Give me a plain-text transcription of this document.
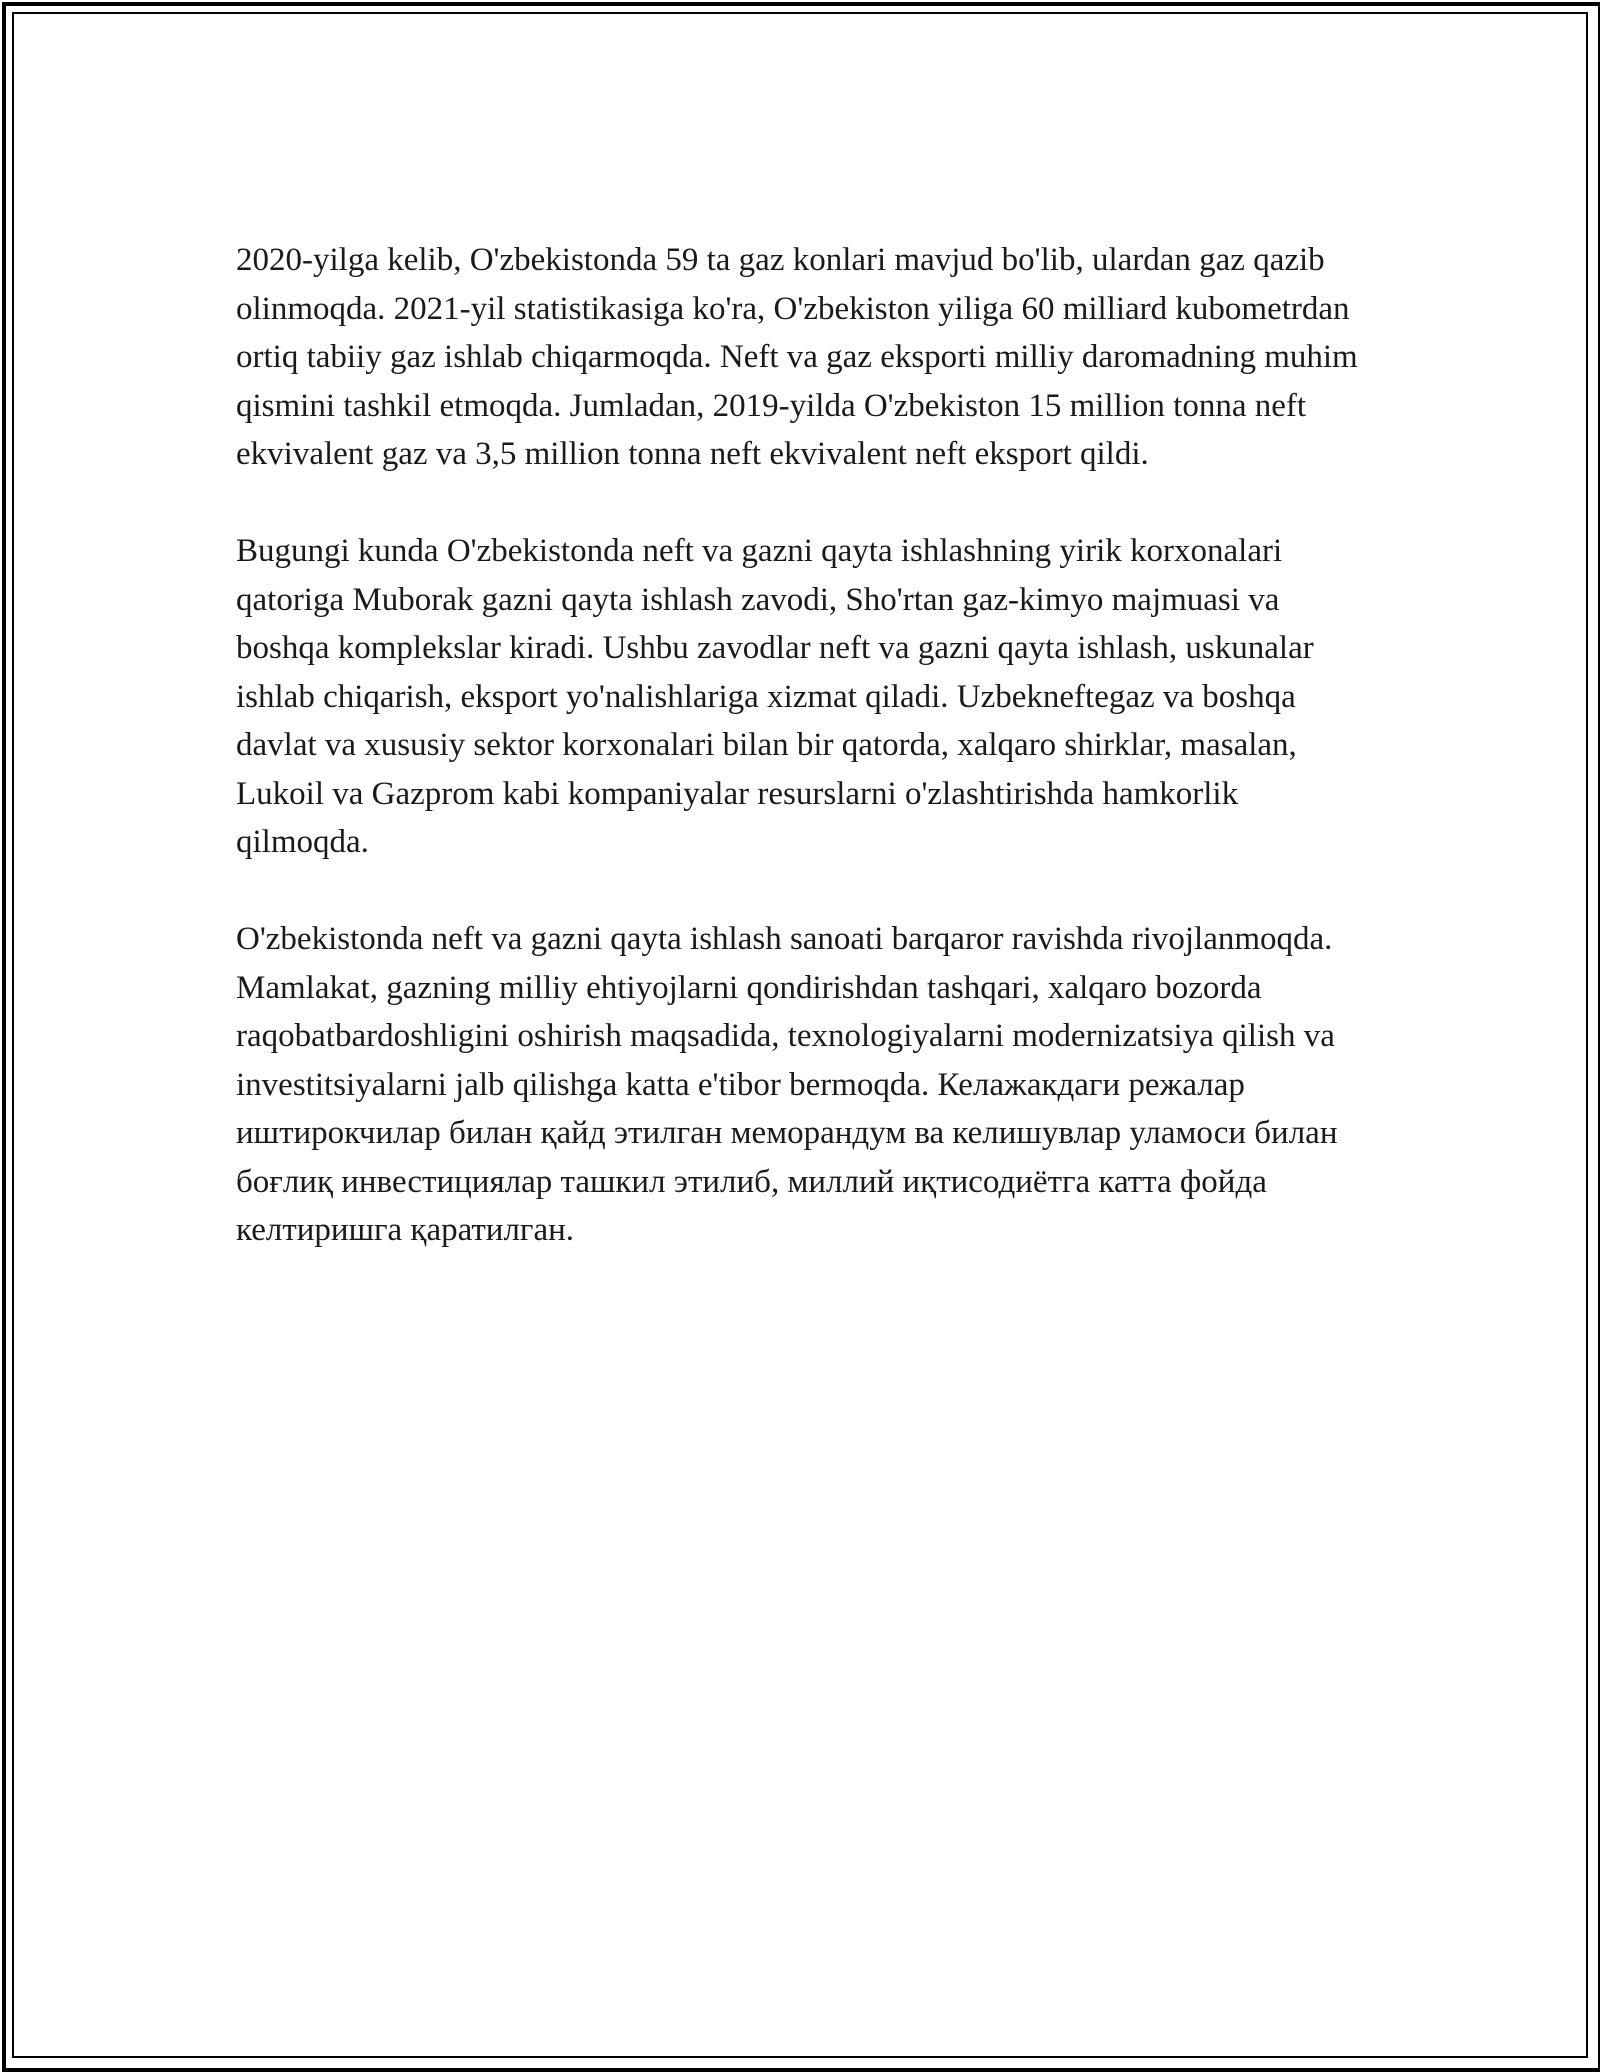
2020-yilga kelib, O'zbekistonda 59 ta gaz konlari mavjud bo'lib, ulardan gaz qazib olinmoqda. 2021-yil statistikasiga ko'ra, O'zbekiston yiliga 60 milliard kubometrdan ortiq tabiiy gaz ishlab chiqarmoqda. Neft va gaz eksporti milliy daromadning muhim qismini tashkil etmoqda. Jumladan, 2019-yilda O'zbekiston 15 million tonna neft ekvivalent gaz va 3,5 million tonna neft ekvivalent neft eksport qildi.

Bugungi kunda O'zbekistonda neft va gazni qayta ishlashning yirik korxonalari qatoriga Muborak gazni qayta ishlash zavodi, Sho'rtan gaz-kimyo majmuasi va boshqa komplekslar kiradi. Ushbu zavodlar neft va gazni qayta ishlash, uskunalar ishlab chiqarish, eksport yo'nalishlariga xizmat qiladi. Uzbekneftegaz va boshqa davlat va xususiy sektor korxonalari bilan bir qatorda, xalqaro shirklar, masalan, Lukoil va Gazprom kabi kompaniyalar resurslarni o'zlashtirishda hamkorlik qilmoqda.

O'zbekistonda neft va gazni qayta ishlash sanoati barqaror ravishda rivojlanmoqda. Mamlakat, gazning milliy ehtiyojlarni qondirishdan tashqari, xalqaro bozorda raqobatbardoshligini oshirish maqsadida, texnologiyalarni modernizatsiya qilish va investitsiyalarni jalb qilishga katta e'tibor bermoqda. Келажакдаги режалар иштирокчилар билан қайд этилган меморандум ва келишувлар уламоси билан боғлиқ инвестициялар ташкил этилиб, миллий иқтисодиётга катта фойда келтиришга қаратилган.
